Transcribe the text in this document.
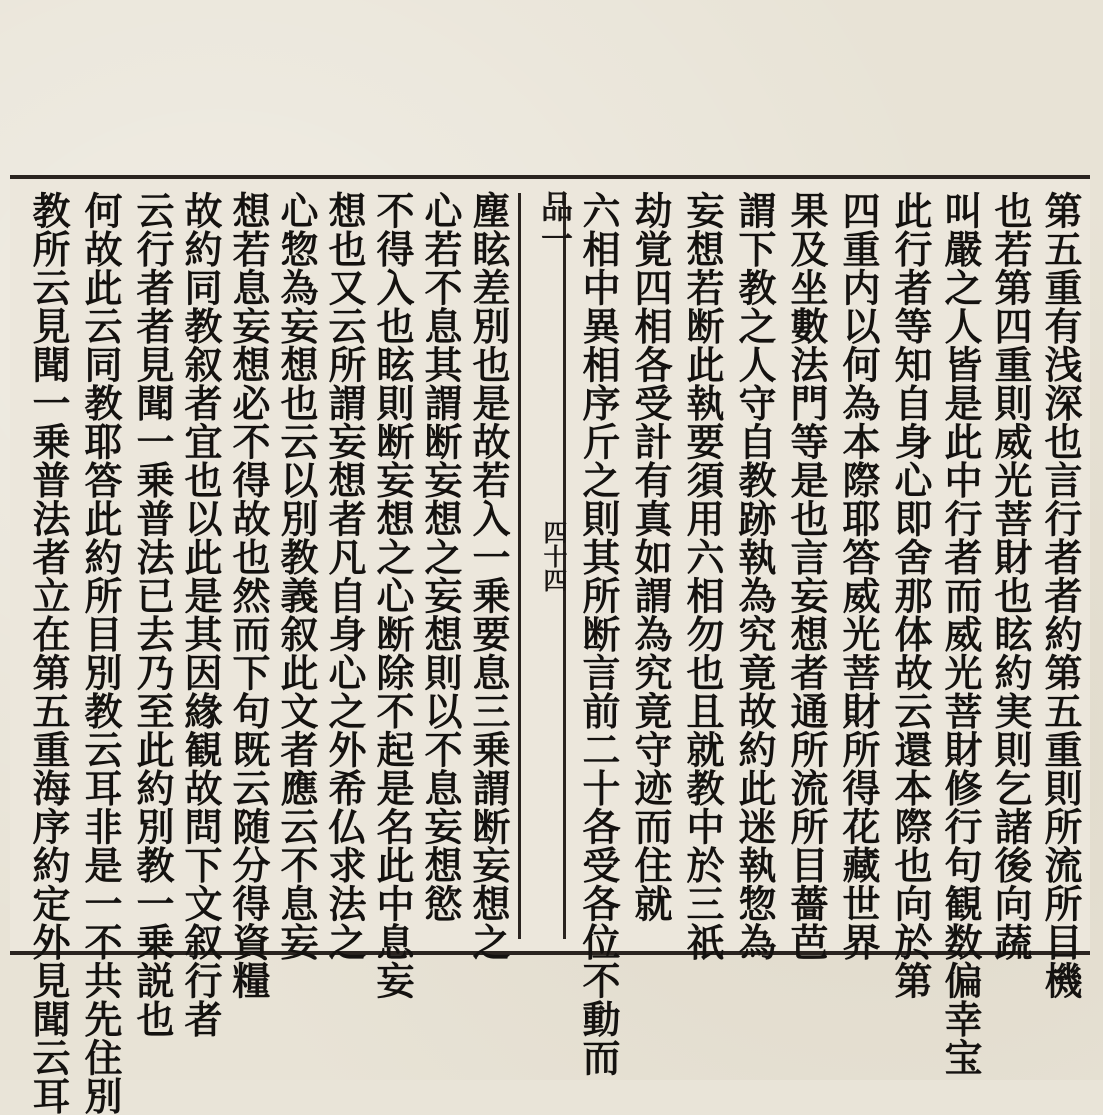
第五重有浅深也言行者者約第五重則所流所目機
也若第四重則威光菩財也眩約実則乞諸後向蔬
叫嚴之人皆是此中行者而威光菩財修行句観数偏幸宝
此行者等知自身心即舍那体故云還本際也向於第
四重内以何為本際耶答威光菩財所得花藏世界
果及坐數法門等是也言妄想者通所流所目薔芭
謂下教之人守自教跡執為究竟故約此迷執惣為
妄想若断此執要須用六相勿也且就教中於三祇
劫覚四相各受計有真如謂為究竟守迹而住就
六相中異相序斤之則其所断言前二十各受各位不動而
塵眩差別也是故若入一乗要息三乗謂断妄想之
心若不息其謂断妄想之妄想則以不息妄想慾
不得入也眩則断妄想之心断除不起是名此中息妄
想也又云所謂妄想者凡自身心之外希仏求法之
心惣為妄想也云以別教義叙此文者應云不息妄
想若息妄想必不得故也然而下句既云随分得資糧
故約同教叙者宜也以此是其因緣観故問下文叙行者
云行者者見聞一乗普法已去乃至此約別教一乗説也
何故此云同教耶答此約所目別教云耳非是一不共先住別
教所云見聞一乗普法者立在第五重海序約定外見聞云耳	品一
四十四
